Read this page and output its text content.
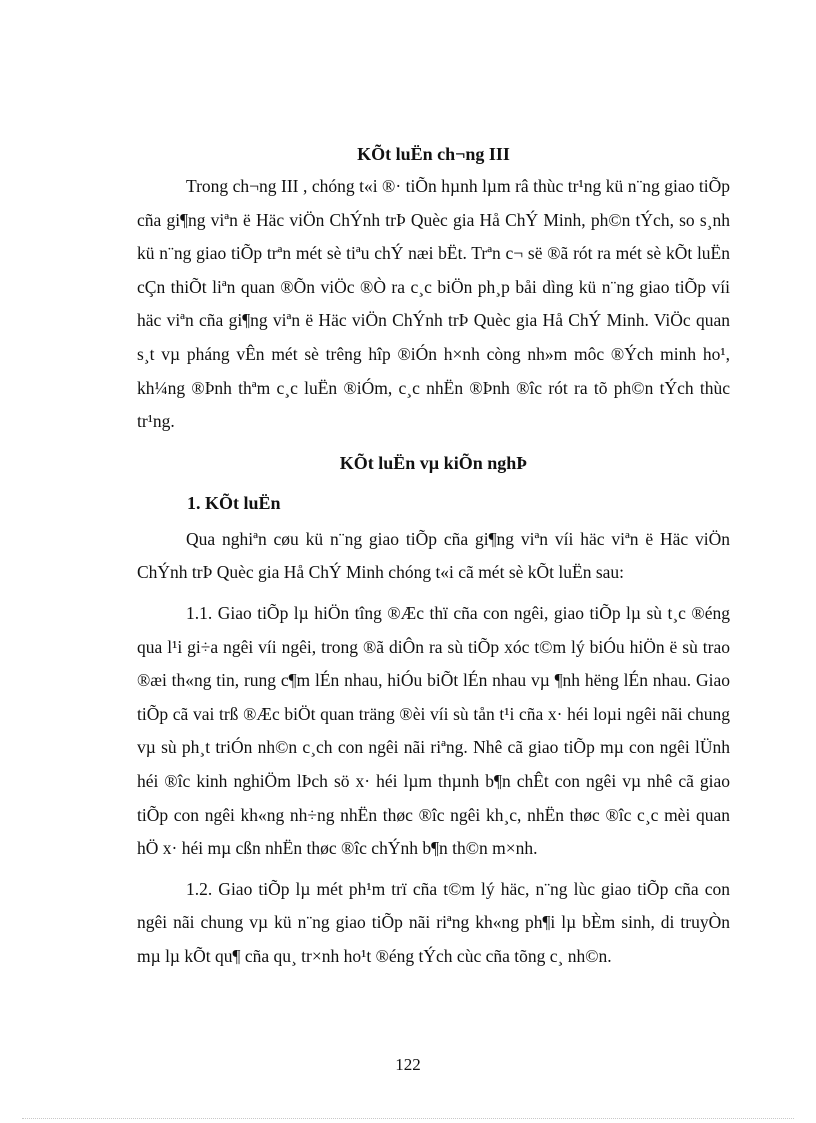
KÕt luËn ch¬ng III

Trong ch¬ng III , chóng t«i ®· tiÕn hµnh lµm râ thùc tr¹ng kü n¨ng giao tiÕp cña gi¶ng viªn ë Häc viÖn ChÝnh trÞ Quèc gia Hå ChÝ Minh, ph©n tÝch, so s¸nh kü n¨ng giao tiÕp trªn mét sè tiªu chÝ næi bËt. Trªn c¬ së ®ã rót ra mét sè kÕt luËn cÇn thiÕt liªn quan ®Õn viÖc ®Ò ra c¸c biÖn ph¸p båi dìng kü n¨ng giao tiÕp víi häc viªn cña gi¶ng viªn ë Häc viÖn ChÝnh trÞ Quèc gia Hå ChÝ Minh. ViÖc quan s¸t vµ pháng vÊn mét sè trêng hîp ®iÓn h×nh còng nh»m môc ®Ých minh ho¹, kh¼ng ®Þnh thªm c¸c luËn ®iÓm, c¸c nhËn ®Þnh ®îc rót ra tõ ph©n tÝch thùc tr¹ng.

KÕt luËn vµ kiÕn nghÞ
1. KÕt luËn

Qua nghiªn cøu kü n¨ng giao tiÕp cña gi¶ng viªn víi häc viªn ë Häc viÖn ChÝnh trÞ Quèc gia Hå ChÝ Minh chóng t«i cã mét sè kÕt luËn sau:

1.1. Giao tiÕp lµ hiÖn tîng ®Æc thï cña con ngêi, giao tiÕp lµ sù t¸c ®éng qua l¹i gi÷a ngêi víi ngêi, trong ®ã diÔn ra sù tiÕp xóc t©m lý biÓu hiÖn ë sù trao ®æi th«ng tin, rung c¶m lÉn nhau, hiÓu biÕt lÉn nhau vµ ¶nh hëng lÉn nhau. Giao tiÕp cã vai trß ®Æc biÖt quan träng ®èi víi sù tån t¹i cña x· héi loµi ngêi nãi chung vµ sù ph¸t triÓn nh©n c¸ch con ngêi nãi riªng. Nhê cã giao tiÕp mµ con ngêi lÜnh héi ®îc kinh nghiÖm lÞch sö x· héi lµm thµnh b¶n chÊt con ngêi vµ nhê cã giao tiÕp con ngêi kh«ng nh÷ng nhËn thøc ®îc ngêi kh¸c, nhËn thøc ®îc c¸c mèi quan hÖ x· héi mµ cßn nhËn thøc ®îc chÝnh b¶n th©n m×nh.

1.2. Giao tiÕp lµ mét ph¹m trï cña t©m lý häc, n¨ng lùc giao tiÕp cña con ngêi nãi chung vµ kü n¨ng giao tiÕp nãi riªng kh«ng ph¶i lµ bÈm sinh, di truyÒn mµ lµ kÕt qu¶ cña qu¸ tr×nh ho¹t ®éng tÝch cùc cña tõng c¸ nh©n.

122
